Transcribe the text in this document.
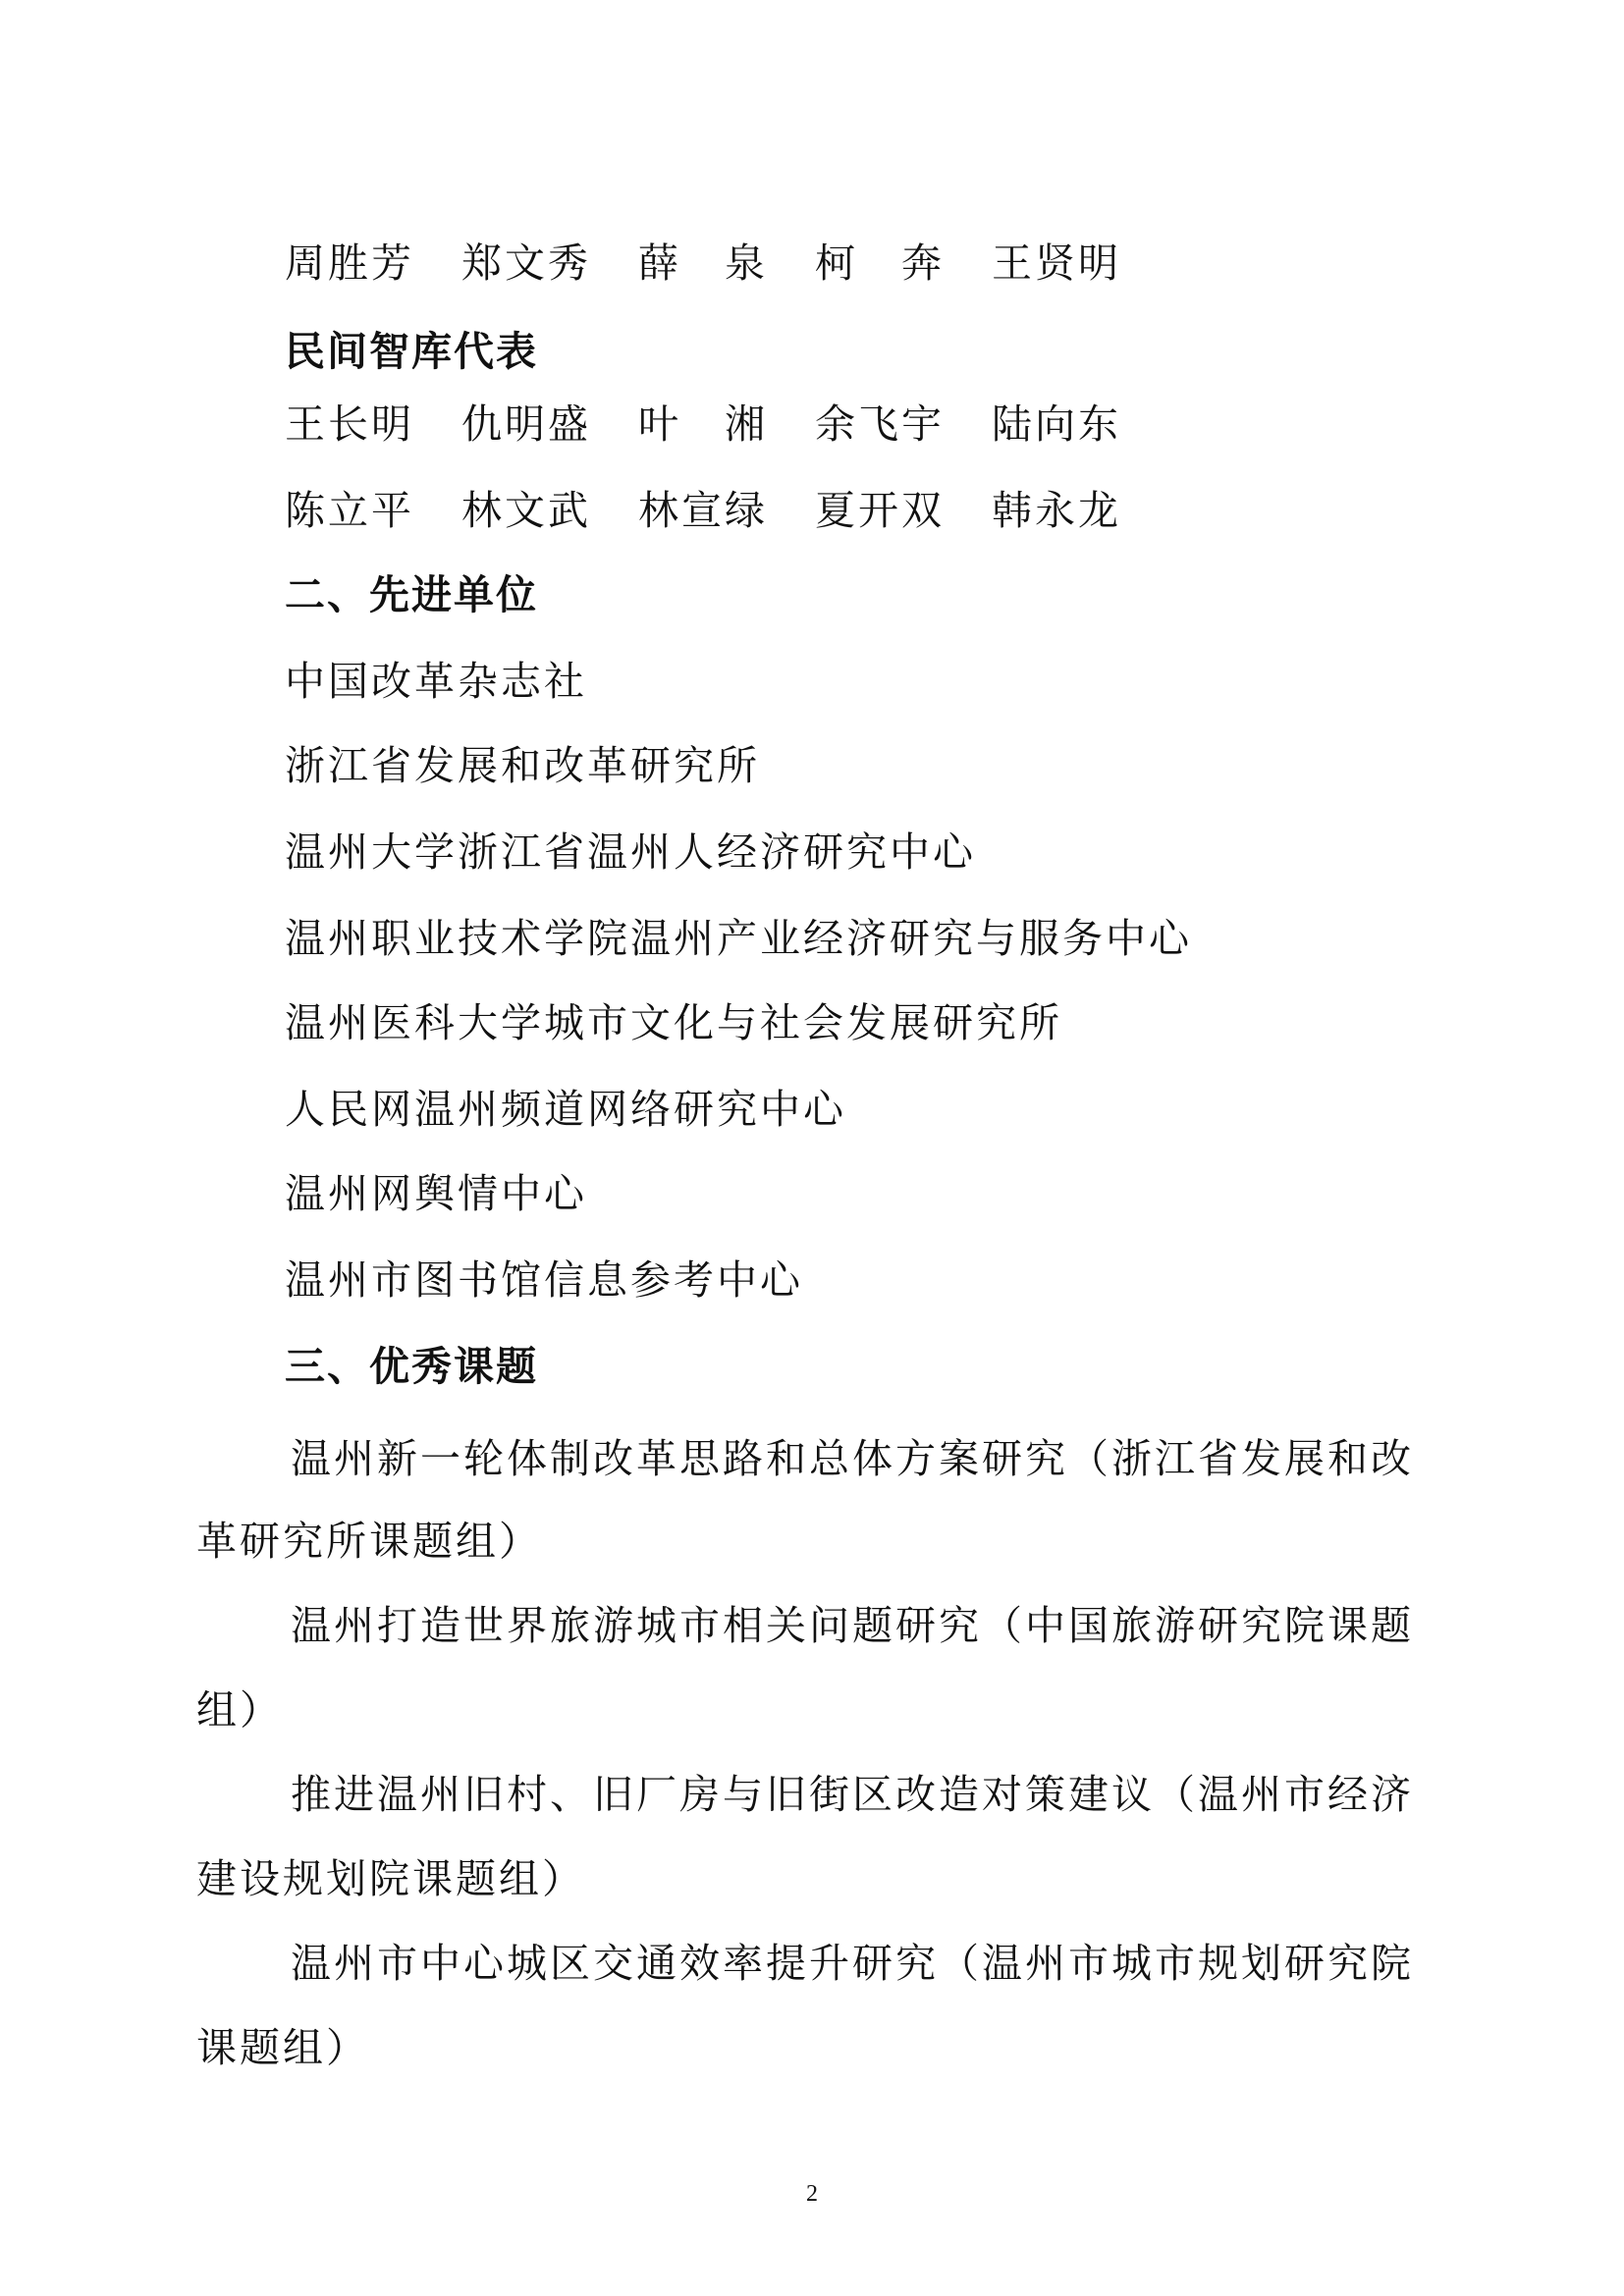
周胜芳	郑文秀	薛　泉	柯　奔	王贤明
民间智库代表
王长明	仇明盛	叶　湘	余飞宇	陆向东
陈立平	林文武	林宣绿	夏开双	韩永龙
二、先进单位
中国改革杂志社
浙江省发展和改革研究所
温州大学浙江省温州人经济研究中心
温州职业技术学院温州产业经济研究与服务中心
温州医科大学城市文化与社会发展研究所
人民网温州频道网络研究中心
温州网舆情中心
温州市图书馆信息参考中心
三、优秀课题
温州新一轮体制改革思路和总体方案研究（浙江省发展和改
革研究所课题组）
温州打造世界旅游城市相关问题研究（中国旅游研究院课题
组）
推进温州旧村、旧厂房与旧街区改造对策建议（温州市经济
建设规划院课题组）
温州市中心城区交通效率提升研究（温州市城市规划研究院
课题组）
2
